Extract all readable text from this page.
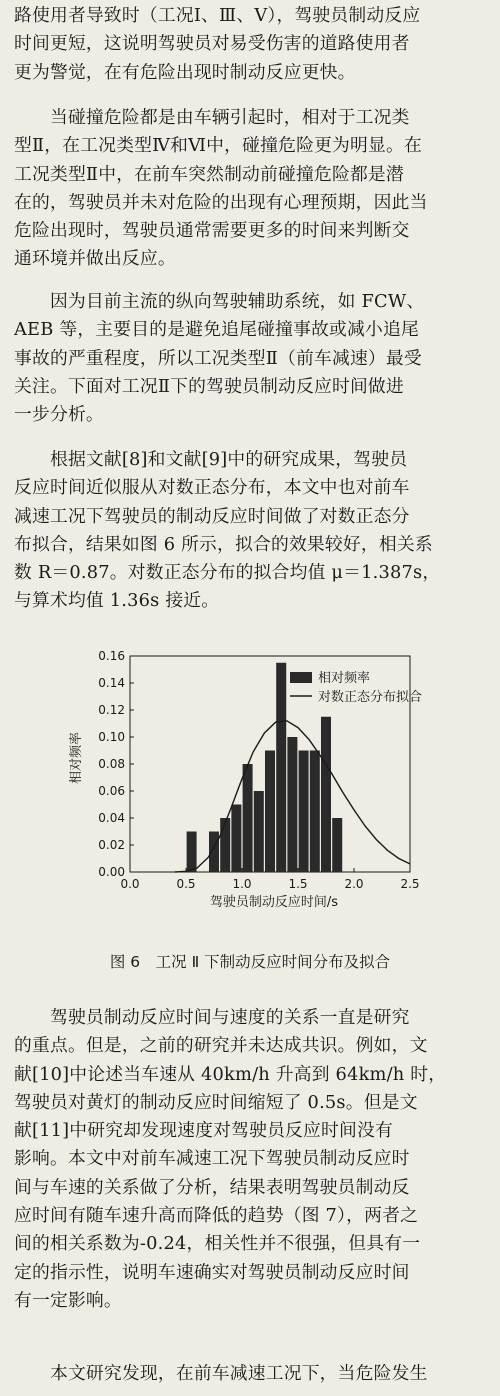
路使用者导致时（工况Ⅰ、Ⅲ、Ⅴ），驾驶员制动反应
时间更短，这说明驾驶员对易受伤害的道路使用者
更为警觉，在有危险出现时制动反应更快。
　　当碰撞危险都是由车辆引起时，相对于工况类
型Ⅱ，在工况类型Ⅳ和Ⅵ中，碰撞危险更为明显。在
工况类型Ⅱ中，在前车突然制动前碰撞危险都是潜
在的，驾驶员并未对危险的出现有心理预期，因此当
危险出现时，驾驶员通常需要更多的时间来判断交
通环境并做出反应。
　　因为目前主流的纵向驾驶辅助系统，如 FCW、
AEB 等，主要目的是避免追尾碰撞事故或减小追尾
事故的严重程度，所以工况类型Ⅱ（前车减速）最受
关注。下面对工况Ⅱ下的驾驶员制动反应时间做进
一步分析。
　　根据文献[8]和文献[9]中的研究成果，驾驶员
反应时间近似服从对数正态分布，本文中也对前车
减速工况下驾驶员的制动反应时间做了对数正态分
布拟合，结果如图 6 所示，拟合的效果较好，相关系
数 R＝0.87。对数正态分布的拟合均值 μ＝1.387s，
与算术均值 1.36s 接近。
0.0	0.5	1.0	1.5	2.0	2.5
0.00
0.02
0.04
0.06
0.08
0.10
0.12
0.14
0.16
相对频率
驾驶员制动反应时间/s
相对频率
对数正态分布拟合
图 6　工况 Ⅱ 下制动反应时间分布及拟合
　　驾驶员制动反应时间与速度的关系一直是研究
的重点。但是，之前的研究并未达成共识。例如，文
献[10]中论述当车速从 40km/h 升高到 64km/h 时，
驾驶员对黄灯的制动反应时间缩短了 0.5s。但是文
献[11]中研究却发现速度对驾驶员反应时间没有
影响。本文中对前车减速工况下驾驶员制动反应时
间与车速的关系做了分析，结果表明驾驶员制动反
应时间有随车速升高而降低的趋势（图 7），两者之
间的相关系数为-0.24，相关性并不很强，但具有一
定的指示性，说明车速确实对驾驶员制动反应时间
有一定影响。
　　本文研究发现，在前车减速工况下，当危险发生
